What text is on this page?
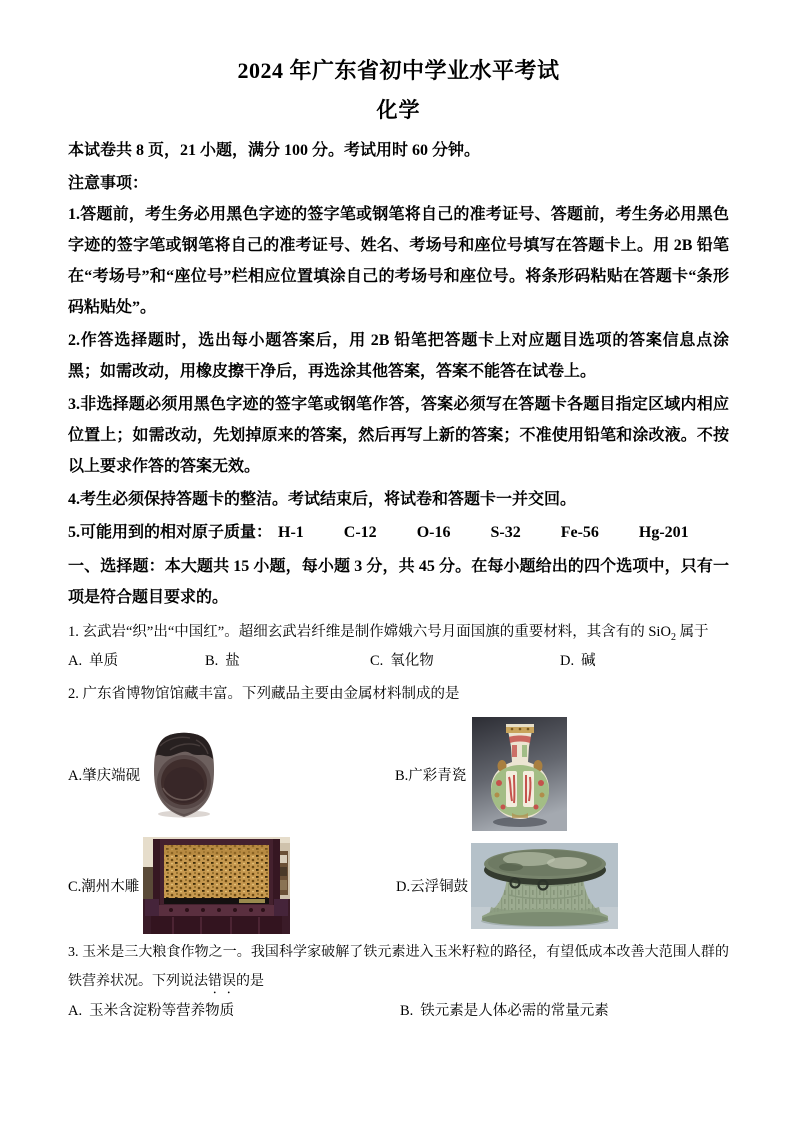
2024 年广东省初中学业水平考试
化学

本试卷共 8 页，21 小题，满分 100 分。考试用时 60 分钟。

注意事项：

1.答题前，考生务必用黑色字迹的签字笔或钢笔将自己的准考证号、答题前，考生务必用黑色字迹的签字笔或钢笔将自己的准考证号、姓名、考场号和座位号填写在答题卡上。用 2B 铅笔在“考场号”和“座位号”栏相应位置填涂自己的考场号和座位号。将条形码粘贴在答题卡“条形码粘贴处”。

2.作答选择题时，选出每小题答案后，用 2B 铅笔把答题卡上对应题目选项的答案信息点涂黑；如需改动，用橡皮擦干净后，再选涂其他答案，答案不能答在试卷上。

3.非选择题必须用黑色字迹的签字笔或钢笔作答，答案必须写在答题卡各题目指定区域内相应位置上；如需改动，先划掉原来的答案，然后再写上新的答案；不准使用铅笔和涂改液。不按以上要求作答的答案无效。

4.考生必须保持答题卡的整洁。考试结束后，将试卷和答题卡一并交回。

5.可能用到的相对原子质量： H-1	C-12	O-16	S-32	Fe-56	Hg-201

一、选择题：本大题共 15 小题，每小题 3 分，共 45 分。在每小题给出的四个选项中，只有一项是符合题目要求的。

1. 玄武岩“织”出“中国红”。超细玄武岩纤维是制作嫦娥六号月面国旗的重要材料，其含有的 SiO$_2$ 属于

A. 单质	B. 盐	C. 氧化物	D. 碱

2. 广东省博物馆馆藏丰富。下列藏品主要由金属材料制成的是

A.肇庆端砚	B.广彩青瓷
C.潮州木雕	D.云浮铜鼓

3. 玉米是三大粮食作物之一。我国科学家破解了铁元素进入玉米籽粒的路径，有望低成本改善大范围人群的铁营养状况。下列说法错误的是

A. 玉米含淀粉等营养物质	B. 铁元素是人体必需的常量元素
